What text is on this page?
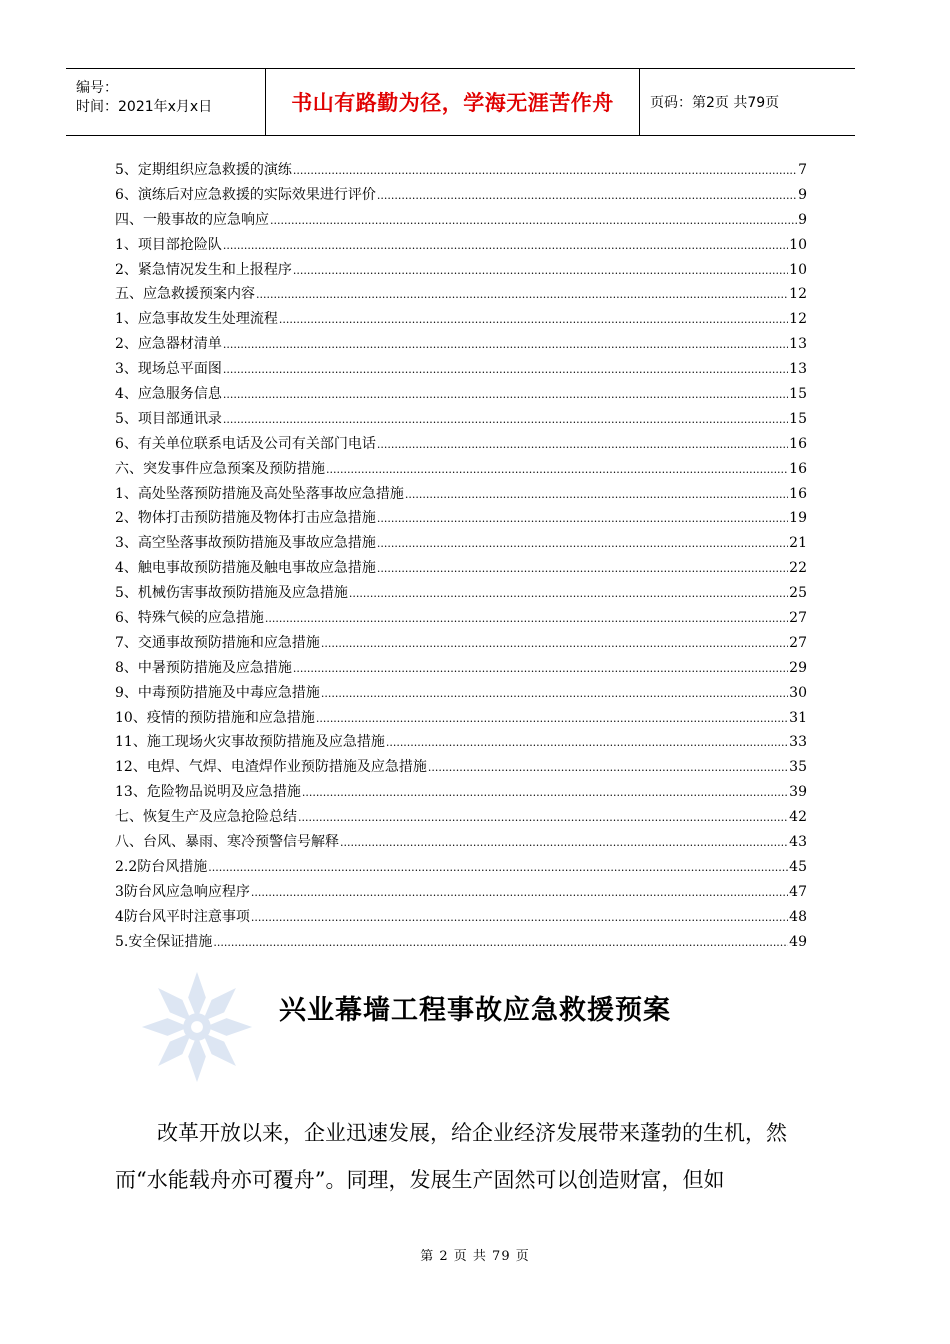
编号：
时间：2021年x月x日	书山有路勤为径，学海无涯苦作舟	页码：第2页 共79页
5、定期组织应急救援的演练 .....	7
6、演练后对应急救援的实际效果进行评价 .....	9
四、一般事故的应急响应 .....	9
1、项目部抢险队 .....	10
2、紧急情况发生和上报程序 .....	10
五、应急救援预案内容 .....	12
1、应急事故发生处理流程 .....	12
2、应急器材清单 .....	13
3、现场总平面图 .....	13
4、应急服务信息 .....	15
5、项目部通讯录 .....	15
6、有关单位联系电话及公司有关部门电话 .....	16
六、突发事件应急预案及预防措施 .....	16
1、高处坠落预防措施及高处坠落事故应急措施 .....	16
2、物体打击预防措施及物体打击应急措施 .....	19
3、高空坠落事故预防措施及事故应急措施 .....	21
4、触电事故预防措施及触电事故应急措施 .....	22
5、机械伤害事故预防措施及应急措施 .....	25
6、特殊气候的应急措施 .....	27
7、交通事故预防措施和应急措施 .....	27
8、中暑预防措施及应急措施 .....	29
9、中毒预防措施及中毒应急措施 .....	30
10、疫情的预防措施和应急措施 .....	31
11、施工现场火灾事故预防措施及应急措施 .....	33
12、电焊、气焊、电渣焊作业预防措施及应急措施 .....	35
13、危险物品说明及应急措施 .....	39
七、恢复生产及应急抢险总结 .....	42
八、台风、暴雨、寒冷预警信号解释 .....	43
2.2防台风措施 .....	45
3防台风应急响应程序 .....	47
4防台风平时注意事项 .....	48
5.安全保证措施 .....	49
兴业幕墙工程事故应急救援预案

改革开放以来，企业迅速发展，给企业经济发展带来蓬勃的生机，然而“水能载舟亦可覆舟”。同理，发展生产固然可以创造财富，但如

第 2 页 共 79 页
